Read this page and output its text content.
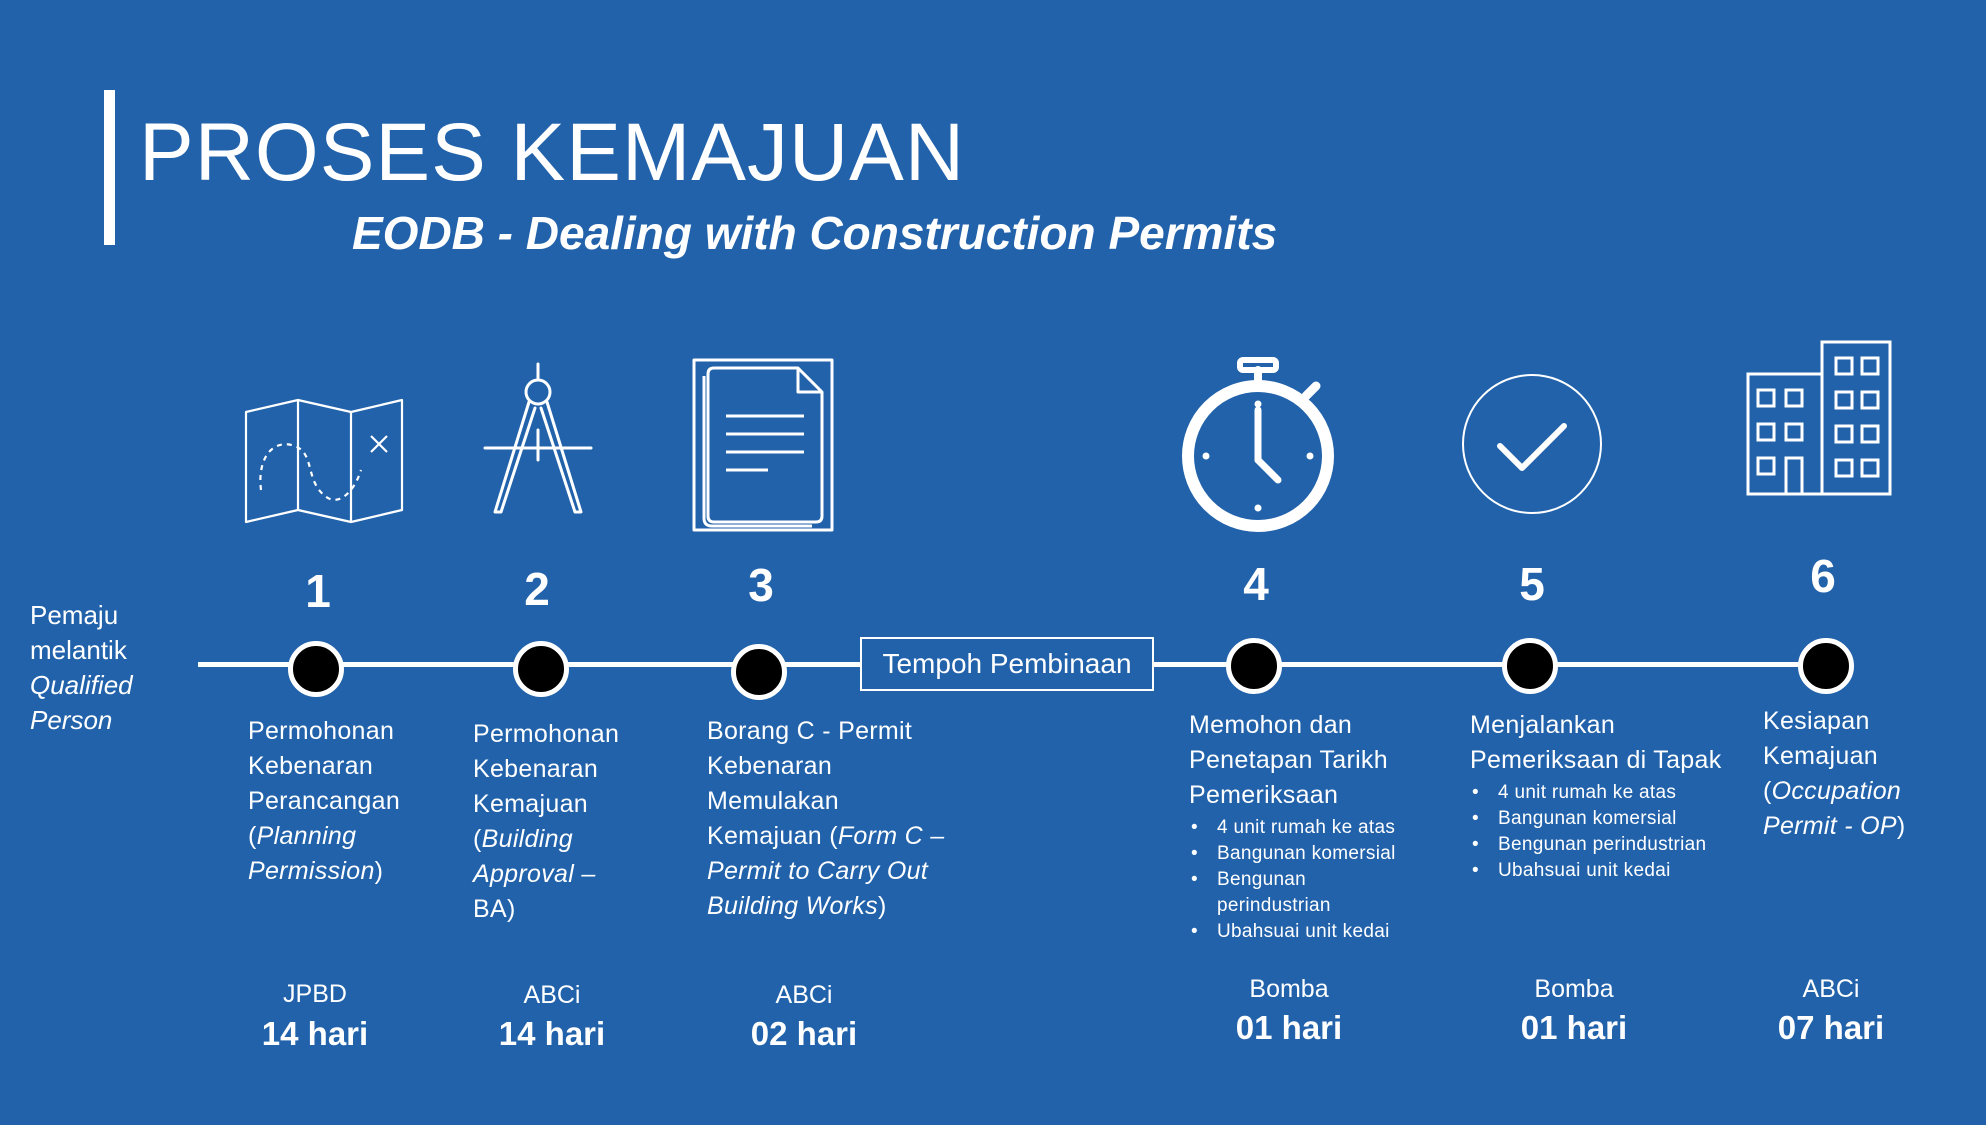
PROSES KEMAJUAN
EODB - Dealing with Construction Permits
1	2	3	4	5	6
Pemaju
melantik
Qualified
Person
Tempoh Pembinaan
Permohonan
Kebenaran
Perancangan
(Planning
Permission)
Permohonan
Kebenaran
Kemajuan
(Building
Approval –
BA)
Borang C - Permit
Kebenaran
Memulakan
Kemajuan (Form C –
Permit to Carry Out
Building Works)
Memohon dan
Penetapan Tarikh
Pemeriksaan
• 4 unit rumah ke atas
• Bangunan komersial
• Bengunan perindustrian
• Ubahsuai unit kedai
Menjalankan
Pemeriksaan di Tapak
• 4 unit rumah ke atas
• Bangunan komersial
• Bengunan perindustrian
• Ubahsuai unit kedai
Kesiapan
Kemajuan
(Occupation
Permit - OP)
JPBD	ABCi	ABCi	Bomba	Bomba	ABCi
14 hari	14 hari	02 hari	01 hari	01 hari	07 hari
